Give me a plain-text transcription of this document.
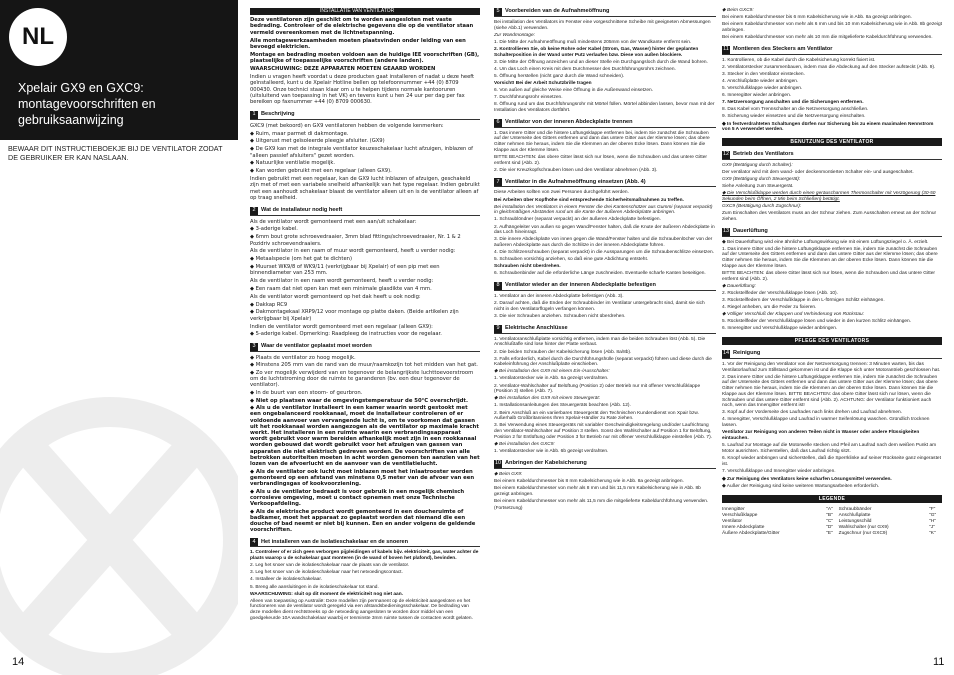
NL
Xpelair GX9 en GXC9:
montagevoorschriften en
gebruiksaanwijzing
BEWAAR DIT INSTRUCTIEBOEKJE BIJ DE VENTILATOR ZODAT DE GEBRUIKER ER KAN NASLAAN.
14	11
INSTALLATIE VAN VENTILATOR

Deze ventilatoren zijn geschikt om te worden aangesloten met vaste bedrading. Controleer of de elektrische gegevens die op de ventilator staan vermeld overeenkomen met de lichtnetspanning.

Alle montagewerkzaamheden moeten plaatsvinden onder leiding van een bevoegd elektricien.

Montage en bedrading moeten voldoen aan de huidige IEE voorschriften (GB), plaatselijke of toepasselijke voorschriften (andere landen).

WAARSCHUWING: DEZE APPARATEN MOETEN GEAARD WORDEN

Indien u vragen heeft voordat u deze producten gaat installeren of nadat u deze heeft geïnstalleerd, kunt u de Xpelair Hotline bellen op telefoonnummer +44 (0) 8709 000430. Onze technici staan klaar om u te helpen tijdens normale kantooruren (uitsluitend van toepassing in het VK) en tevens kunt u hen 24 uur per dag per fax bereiken op faxnummer +44 (0) 8709 000630.

1 Beschrijving

GXC9 (met bekoord) en GX9 ventilatoren hebben de volgende kenmerken:

◆ Ruim, maar parmet di dakmontage.

◆ Uitgerust met geïsoleerde pleegje afsluiter. (GX9)

◆ De GX9 kan met de integrale ventilator keuzeschakelaar lucht afzuigen, inblazen of "alleen passief afsluiters" gezet worden.

◆ Natuurlijke ventilatie mogelijk.

◆ Kan worden gebruikt met een regelaar (alleen GX9).

Indien gebruikt met een regelaar, kan de GX9 lucht inblazen of afzuigen, geschakeld zijn met of met een variabele snelheid afhankelijk van het type regelaar. Indien gebruikt met een aanhoudt schakelaar blaast de ventilator alleen uit en is de ventilator alleen af op traag snelheid.

2 Wat de installateur nodig heeft

Als de ventilator wordt gemonteerd met een aan/uit schakelaar:

◆ 3-aderige kabel.

◆ 6mm bout grote schroevedraaier, 3mm blad fittings/schroevedraaier, Nr. 1 & 2 Pozidriv schroevendraaiers.

Als de ventilator in een raam of muur wordt gemonteerd, heeft u verder nodig:

◆ Metaalspecie (om het gat te dichten)

◆ Muurset WK9/8 of WK9/11 (verkrijgbaar bij Xpelair) of een pip met een binnendiameter van 253 mm.

Als de ventilator in een raam wordt gemonteerd, heeft u verder nodig:

◆ Een raam dat niet open kan met een minimale glasdikte van 4 mm.

Als de ventilator wordt gemonteerd op het dak heeft u ook nodig:

◆ Dakkap RC9

◆ Dakmontagekaal XRP9/12 voor montage op platte daken. (Beide artikelen zijn verkrijgbaar bij Xpelair)

Indien de ventilator wordt gemonteerd met een regelaar (alleen GX9):

◆ 5-aderige kabel. Opmerking: Raadpleeg de instructies voor de regelaar.

3 Waar de ventilator geplaatst moet worden

◆ Plaats de ventilator zo hoog mogelijk.

◆ Minstens 205 mm van de rand van de muur/raamkozijn tot het midden van het gat.

◆ Zo ver mogelijk verwijderd van en tegenover de belangrijkste luchttoevoerstroom om de luchtstroming door de ruimte te garanderen (bv. een deur tegenover de ventilator).

◆ In de buurt van een stoom- of geurbron.

◆ Niet op plaatsen waar de omgevingstemperatuur de 50°C overschrijdt.

◆ Als u de ventilator installeert in een kamer waarin wordt gestookt met een ongebalanceerd rookkanaal, moet de installateur controleren of er voldoende aanvoer van vervangende lucht is, om te voorkomen dat gassen uit het rookkanaal worden aangezogen als de ventilator op maximale kracht werkt. Het installeren in een ruimte waarin een verbrandingsapparaat wordt gebruikt voor warm bereiden afhankelijk moet zijn in een rookkanaal worden gebouwd dat wordt gebruikt voor het afzuigen van gassen van apparaten die niet elektrisch gedreven worden. De voorschriften van alle betrokken autoriteiten moeten in acht worden genomen ten aanzien van het lozen van de afvoerlucht en de aanvoer van de ventilatielucht.

◆ Als de ventilator ook lucht moet inblazen moet het inlaatrooster worden gemonteerd op een afstand van minstens 0,5 meter van de afvoer van een verbrandingsgas of kookvoorziening.

◆ Als u de ventilator bedraadt is voor gebruik in een mogelijk chemisch corrosieve omgeving, moet u contact opnemen met onze Technische Verkoopafdeling.

◆ Als de elektrische product wordt gemonteerd in een doucheruimte of badkamer, moet het apparaat zo geplaatst worden dat niemand die een douche of bad neemt er niet bij kunnen. Een en ander volgens de geldende voorschriften.

4 Het installeren van de isolatieschakelaar en de snoeren

1. Controleer of er zich geen verborgen pijpleidingen of kabels bijv. elektriciteit, gas, water achter de plaats waarop u de schakelaar gaat monteren (in de wand of boven het plafond), bevinden.

2. Leg het snoer van de isolatieschakelaar naar de plaats van de ventilator.

3. Leg het snoer van de isolatieschakelaar naar het netvoedingscontact.

4. Installeer de isolatieschakelaar.

5. Breng alle aansluitingen in de isolatieschakelaar tot stand.

WAARSCHUWING: sluit op dit moment de elektriciteit nog niet aan.

Alleen van toepassing op Australië: Deze modellen zijn permanent op de elektriciteit aangesloten en het functioneren van de ventilator wordt geregeld via een afstandsbedieningsschakelaar. De bedrading van deze modellen dient rechtstreeks op de netvoeding aangesloten te worden door middel van een goedgekeurde 10A wandschakelaar waarbij er tenminste 3mm ruimte tussen de contacten wordt gelaten.

5 Voorbereiden van de Aufnahmeöffnung

Bei installation des Ventilators im Fenster eine vorgeschnittene Scheibe mit geeigneten Abmessungen (siehe Abb.1) verwenden.

Zur Wandmontage:

1. Die Mitte der Aufnahmeöffnung muß mindestens 205mm von der Wandkante entfernt sein.

2. Kontrollieren Sie, ob keine Rohre oder Kabel (Strom, Gas, Wasser) hinter der geplanten Schalterposition in der Wand unter Putz verlaufen bzw. Diese von außen blockiere.

3. Die Mitte der Öffnung anzeichen und an dieser Stelle ein Durchgangsloch durch die Wand bohren.

4. Um das Loch einen Kreis mit dem Durchmesser des Durchführungsrohrs zeichnen.

5. Öffnung herstellen (nicht ganz durch die Wand schneiden).

Vorsicht! Bei der Arbeit Schutzbrille tragen

6. Von außen auf gleiche Weise eine Öffnung in die Außenwand einsetzen.

7. Durchführungsrohr einsetzen.

8. Öffnung rund um das Durchführungsrohr mit Mörtel füllen. Mörtel abbinden lassen, bevor man mit der Installation des Ventilators dortfährt.

6 Ventilator von der inneren Abdeckplatte trennen

1. Das innere Gitter und die hintere Lüftungsklappe entfernen bei, indem Sie zunächst die Schrauben auf der Unterseite des Gitters entfernen und dann das untere Gitter aus der Klemme lösen; das obere Gitter nehmen Sie heraus, indem Sie die Klemmen an der oberen Ecke lösen. Dann können Sie die Klappe aus der Klemme lösen.

BITTE BEACHTEN: das obere Gitter lässt sich nur lösen, wenn die Schrauben und das untere Gitter entfernt sind (Abb. 2).

2. Die vier Kreuzkopfschrauben lösen und den Ventilator abnehmen (Abb. 3).

7 Ventilator in die Aufnahmeöffnung einsetzen (Abb. 4)

Diese Arbeiten sollten von zwei Personen durchgeführt werden.

Bei Arbeiten über Kopfhöhe sind entsprechende Sicherheitsmaßnahmen zu treffen.

Bei installation des Ventilators in einem Fenster die drei Kantenschützer aus Gummi (separat verpackt) in gleichmäßigen Abständen rund um die Kante der äußeren Abdeckplatte anbringen.

1. Schraublöndner (separat verpackt) an der äußeren Abdeckplatte befestigen.

2. Aufhängeleiter von außen so gegen Wand/Fenster halten, daß die Knute der äußeren Abdeckplatte in das Loch hineinragt.

3. Die innere Abdeckplatte von innen gegen die Wand/Fenster halten und die Schraubenlöcher von der äußeren Abdeckplatte aus durch die Schlitze in der inneren Abdeckplatte führen.

4. Die Schlitzenschrauben (separat verpackt) in die Aussparungen um die Schraubenschlitze einsetzen.

5. Schrauben vorsichtig anziehen, so daß eine gute Abdichtung entsteht.

Schrauben nicht überdrehen.

6. Schraubenbinder auf die erforderliche Länge zuschneiden. Eventuelle scharfe Kanten beseitigen.

8 Ventilator wieder an der inneren Abdeckplatte befestigen

1. Ventilator an der inneren Abdeckplatte befestigen (Abb. 3).

2. Darauf achten, daß die Enden der Schraubbinder im Ventilator untergebracht sind, damit sie sich nicht in den Ventilatorflügeln verfangen können.

3. Die vier Schrauben anziehen. Schrauben nicht überdrehen.

9 Elektrische Anschlüsse

1. Ventilatoranschlußplatte vorsichtig entfernen, indem man die beiden Schrauben löst (Abb. 5). Die Anschlußtafle sind lose hinter der Platte verbaut.

2. Die beiden Schrauben der Kabelsicherung lösen (Abb. 8a/8b).

3. Falls erforderlich, Kabel durch die Durchführungshülle (separat verpackt) führen und diese durch die Kabeleinführung der Anschlußplatte einschieben.

◆ Bei installation des GX9 mit einem Ein-/Ausschalter:

1. Ventilatorstecker wie in Abb. 6a gezeigt verdrahten.

2. Ventilator-Wahlschalter auf Belüftung (Position 2) oder Betrieb nur mit offener Verschlußklappe (Position 3) stellen (Abb. 7).

◆ Bei Installation des GX9 mit einem Steuergerät:

1. Installationsanleitungen des Steuergeräts beachten (Abb. 12).

2. Beim Anschluß an ein variierbares Steuergerät den Technischen Kundendienst von Xpair bzw. Außerhalb Großbritanniens Ihren Xpelair-Händler zu Rate ziehen.

3. Bei Verwendung eines Steuergeräts mit variabler Geschwindigkeitsregelung und/oder Laufrichtung den Ventilator-Wahlschalter auf Position 3 stellen. Sonst den Wahlschalter auf Position 1 für Belüftung, Position 2 für Entlüftung oder Position 3 für Betrieb nur mit offener Verschlußklappe einstellen (Abb. 7).

◆ Bei installation des GXC9:

1. Ventilatorstecker wie in Abb. 6b gezeigt verdrahten.

10 Anbringen der Kabelsicherung

◆ Beim GX9:

Bei einem Kabeldurchmesser bis 8 mm Kabelsicherung wie in Abb. 8a gezeigt anbringen.

Bei einem Kabeldurchmesser von mehr als 8 mm und bis 11,5 mm Kabelsicherung wie in Abb. 8b gezeigt anbringen.

Bei einem Kabeldurchmesser von mehr als 11,5 mm die mitgelieferte Kabeldurchführung verwenden.

(Fortsetzung)

◆ Beim GXC9:

Bei einem Kabeldurchmesser bis 6 mm Kabelsicherung wie in Abb. 8a gezeigt anbringen.

Bei einem Kabeldurchmesser von mehr als 6 mm und bis 10 mm Kabelsicherung wie in Abb. 8b gezeigt anbringen.

Bei einem Kabeldurchmesser von mehr als 10 mm die mitgelieferte Kabeldurchführung verwenden.

11 Montieren des Steckers am Ventilator

1. Kontrollieren, ob die Kabel durch die Kabelsicherung korrekt fixiert ist.

2. Ventilatorstecker zusammenbauen, indem man die Abdeckung auf den Stecker aufsteckt (Abb. 9).

3. Stecker in den Ventilator einstecken.

4. Anschlußplatte wieder anbringen.

5. Verschlußklappe wieder anbringen.

6. Inneregitter wieder anbringen.

7. Netzversorgung anschalten und die Sicherungen entfernen.

8. Das Kabel vom Trennschalter an die Netzversorgung anschließen.

9. Sicherung wieder einsetzen und die Netzversorgung einschalten.

◆ In festverdrahteten Schaltungen dürfen nur Sicherung bis zu einem maximalen Nennstrom von 5 A verwendet werden.

BENUTZUNG DES VENTILATOR
12 Betrieb des Ventilators

GX9 (Betätigung durch Schalter):

Der ventilator wird mit dem wand- oder deckenmontierten Schalter ein- und ausgeschaltet.

GX9 (Betätigung durch Steuergerät):

Siehe Anleitung zum Steuergerät.

◆ Die Verschlußklappe werden durch einen geräuscharmen Thermoschalter mit Verzögerung (30-50 Sekunden beim Öffnen, 2 Min beim Schließen) betätigt.

GXC9 (Betätigung durch Zugschnur):

Zum Einschalten des Ventilators muss an der Schnur ziehen. Zum Ausschalten erneut an der Schnur ziehen.

13 Dauerlüftung

◆ Bei Dauerlüftung wird eine ähnliche Lüftungswirkung wie mit einem Lüftungsziegel o. Ä. erzielt.

1. Das innere Gitter und die hintere Lüftungsklappe entfernen Sie, indem Sie zunächst die Schrauben auf der Unterseite des Gitters entfernen und dann das untere Gitter aus der Klemme lösen; das obere Gitter nehmen Sie heraus, indem Sie die Klemmen an der oberen Ecke lösen. Dann können Sie die Klappe aus der Klemme lösen.

BITTE BEACHTEN: das obere Gitter lässt sich nur lösen, wenn die Schrauben und das untere Gitter entfernt sind (Abb. 2).

◆ Dauerlüftung:

2. Rückstellfeder der Verschlußklappe lösen (Abb. 10).

3. Rückstellfedern der Verschlußklappe in den L-förmigen Schlitz einhängen.

4. Riegel anheben, um die Feder zu fixieren.

◆ Völliger Verschluß der Klappen und Verhinderung von Rückstau:

5. Rückstellfeder der Verschlußklappe lösen und wieder in den kurzen Schlitz einhängen.

6. Inneregitter und Verschlußklappe wieder anbringen.

PFLEGE DES VENTILATORS
14 Reinigung

1. Vor der Reinigung den Ventilator von der Netzversorgung trennen: 3 Minuten warten, bis das Ventilatorlaufrad zum Stillstand gekommen ist und die Klappe sich unter Motorantrieb geschlossen hat.

2. Das innere Gitter und die hintere Lüftungsklappe entfernen Sie, indem Sie zunächst die Schrauben auf der Unterseite des Gitters entfernen und dann das untere Gitter aus der Klemme lösen; das obere Gitter nehmen Sie heraus, indem Sie die Klemmen an der oberen Ecke lösen. Dann können Sie die Klappe aus der Klemme lösen. BITTE BEACHTEN: das obere Gitter lässt sich nur lösen, wenn die Schrauben und das untere Gitter entfernt sind (Abb. 2). ACHTUNG: der Ventilator funktioniert auch noch, wenn das Innengitter entfernt ist!

3. Kopf auf der Vorderseite des Laufrades nach links drehen und Laufrad abnehmen.

4. Innengitter, Verschlußklappe und Laufrad in warmer Seifenlösung waschen. Gründlich trocknen lassen.

Ventilator zur Reinigung von anderen Teilen nicht in Wasser oder andere Flüssigkeiten eintauchen.

5. Laufrad zur Montage auf die Motorwelle stecken und Pfeil am Laufrad nach dem weißen Punkt am Motor ausrichten. Sicherstellen, daß das Laufrad richtig sitzt.

6. Knopf wieder anbringen und sicherstellen, daß die Sperrklinke auf seiner Rückseite ganz eingerastet ist.

7. Verschlußklappe und Innengitter wieder anbringen.

◆ Zur Reinigung des Ventilators keine scharfen Lösungsmittel verwenden.

◆ Außer der Reinigung sind keine weiteren Wartungsarbeiten erforderlich.

LEGENDE
Innengitter	"A"	Schraubbänder	"F"
Verschlußklappe	"B"	Anschlußplatte	"G"
Ventilator	"C"	Leistungsschild	"H"
Innere Abdeckplatte	"D"	Wahlschalter (nur GX9)	"J"
Äußere Abdeckplatte/Gitter	"E"	Zugschnur (nur GXC9)	"K"
